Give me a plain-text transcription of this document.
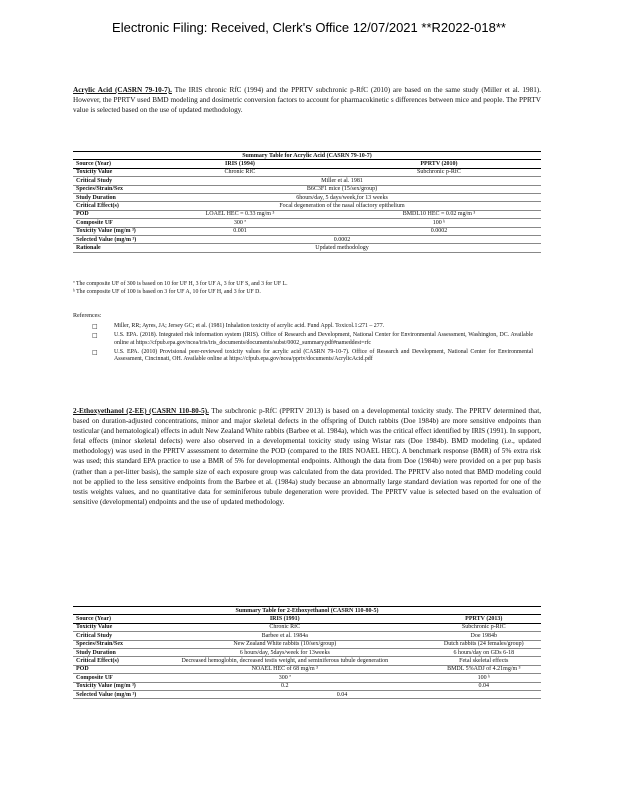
Electronic Filing: Received, Clerk's Office 12/07/2021 **R2022-018**
Acrylic Acid (CASRN 79-10-7). The IRIS chronic RfC (1994) and the PPRTV subchronic p-RfC (2010) are based on the same study (Miller et al. 1981). However, the PPRTV used BMD modeling and dosimetric conversion factors to account for pharmacokinetic s differences between mice and people. The PPRTV value is selected based on the use of updated methodology.
Summary Table for Acrylic Acid (CASRN 79-10-7)		
Source (Year)	IRIS (1994)	PPRTV (2010)
Toxicity Value	Chronic RfC	Subchronic p-RfC
Critical Study	Miller et al. 1981	
Species/Strain/Sex	B6C3F1 mice (15/sex/group)	
Study Duration	6hours/day, 5 days/week,for 13 weeks	
Critical Effect(s)	Focal degeneration of the nasal olfactory epithelium	
POD	LOAEL HEC = 0.33 mg/m ³	BMDL10 HEC = 0.02 mg/m ³
Composite UF	300 ª	100 ᵇ
Toxicity Value (mg/m ³)	0.001	0.0002
Selected Value (mg/m ³)	0.0002	
Rationale	Updated methodology	
ª The composite UF of 300 is based on 10 for UF H, 3 for UF A, 3 for UF S, and 3 for UF L.
ᵇ The composite UF of 100 is based on 3 for UF A, 10 for UF H, and 3 for UF D.
References:
□	Miller, RR; Ayres, JA; Jersey GC; et al. (1981) Inhalation toxicity of acrylic acid. Fund Appl. Toxicol.1:271 – 277.
□	U.S. EPA. (2018). Integrated risk information system (IRIS). Office of Research and Development, National Center for Environmental Assessment, Washington, DC. Available online at https://cfpub.epa.gov/ncea/iris/iris_documents/documents/subst/0002_summary.pdf#nameddest=rfc
□	U.S. EPA. (2010) Provisional peer-reviewed toxicity values for acrylic acid (CASRN 79-10-7). Office of Research and Development, National Center for Environmental Assessment, Cincinnati, OH. Available online at https://cfpub.epa.gov/ncea/pprtv/documents/AcrylicAcid.pdf
2-Ethoxyethanol (2-EE) (CASRN 110-80-5). The subchronic p-RfC (PPRTV 2013) is based on a developmental toxicity study. The PPRTV determined that, based on duration-adjusted concentrations, minor and major skeletal defects in the offspring of Dutch rabbits (Doe 1984b) are more sensitive endpoints than testicular (and hematological) effects in adult New Zealand White rabbits (Barbee et al. 1984a), which was the critical effect identified by IRIS (1991). In support, fetal effects (minor skeletal defects) were also observed in a developmental toxicity study using Wistar rats (Doe 1984b). BMD modeling (i.e., updated methodology) was used in the PPRTV assessment to determine the POD (compared to the IRIS NOAEL HEC). A benchmark response (BMR) of 5% extra risk was used; this standard EPA practice to use a BMR of 5% for developmental endpoints. Although the data from Doe (1984b) were provided on a per pup basis (rather than a per-litter basis), the sample size of each exposure group was calculated from the data provided. The PPRTV also noted that BMD modeling could not be applied to the less sensitive endpoints from the Barbee et al. (1984a) study because an abnormally large standard deviation was reported for one of the testis weights values, and no quantitative data for seminiferous tubule degeneration were provided. The PPRTV value is selected based on the evaluation of sensitive (developmental) endpoints and the use of updated methodology.
Summary Table for 2-Ethoxyethanol (CASRN 110-80-5)		
Source (Year)	IRIS (1991)	PPRTV (2013)
Toxicity Value	Chronic RfC	Subchronic p-RfC
Critical Study	Barbee et al. 1984a	Doe 1984b
Species/Strain/Sex	New Zealand White rabbits (10/sex/group)	Dutch rabbits (24 females/group)
Study Duration	6 hours/day, 5days/week for 13weeks	6 hours/day on GDs 6-18
Critical Effect(s)	Decreased hemoglobin, decreased testis weight, and seminiferous tubule degeneration	Fetal skeletal effects
POD	NOAEL HEC of 68 mg/m ³	BMDL 5%ADJ of 4.21mg/m ³
Composite UF	300 ª	100 ᵇ
Toxicity Value (mg/m ³)	0.2	0.04
Selected Value (mg/m ³)	0.04	
